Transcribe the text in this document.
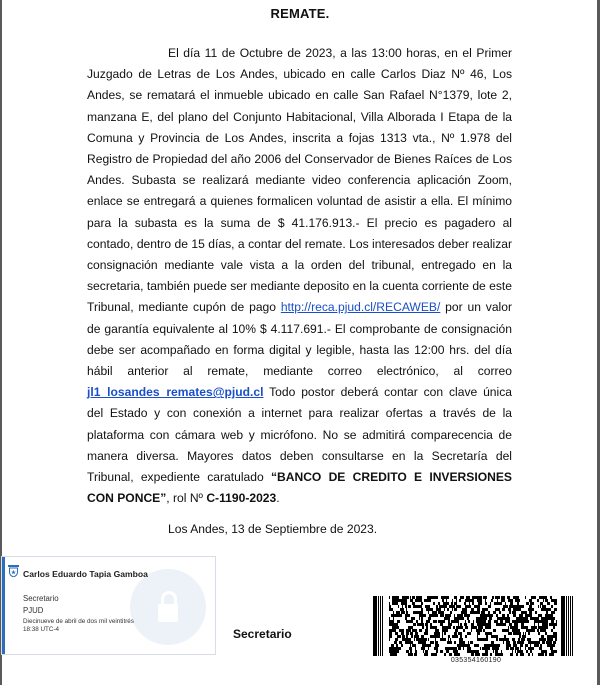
REMATE.
El día 11 de Octubre de 2023, a las 13:00 horas, en el Primer Juzgado de Letras de Los Andes, ubicado en calle Carlos Diaz Nº 46, Los Andes, se rematará el inmueble ubicado en calle San Rafael N°1379, lote 2, manzana E, del plano del Conjunto Habitacional, Villa Alborada I Etapa de la Comuna y Provincia de Los Andes, inscrita a fojas 1313 vta., Nº 1.978 del Registro de Propiedad del año 2006 del Conservador de Bienes Raíces de Los Andes. Subasta se realizará mediante video conferencia aplicación Zoom, enlace se entregará a quienes formalicen voluntad de asistir a ella. El mínimo para la subasta es la suma de $ 41.176.913.- El precio es pagadero al contado, dentro de 15 días, a contar del remate. Los interesados deber realizar consignación mediante vale vista a la orden del tribunal, entregado en la secretaria, también puede ser mediante deposito en la cuenta corriente de este Tribunal, mediante cupón de pago http://reca.pjud.cl/RECAWEB/ por un valor de garantía equivalente al 10% $ 4.117.691.- El comprobante de consignación debe ser acompañado en forma digital y legible, hasta las 12:00 hrs. del día hábil anterior al remate, mediante correo electrónico, al correo jl1_losandes_remates@pjud.cl Todo postor deberá contar con clave única del Estado y con conexión a internet para realizar ofertas a través de la plataforma con cámara web y micrófono. No se admitirá comparecencia de manera diversa. Mayores datos deben consultarse en la Secretaría del Tribunal, expediente caratulado “BANCO DE CREDITO E INVERSIONES CON PONCE”, rol Nº C-1190-2023.
Los Andes, 13 de Septiembre de 2023.
Carlos Eduardo Tapia Gamboa
Secretario
PJUD
Diecinueve de abril de dos mil veintitrés 18:38 UTC-4	Secretario
035354160190
